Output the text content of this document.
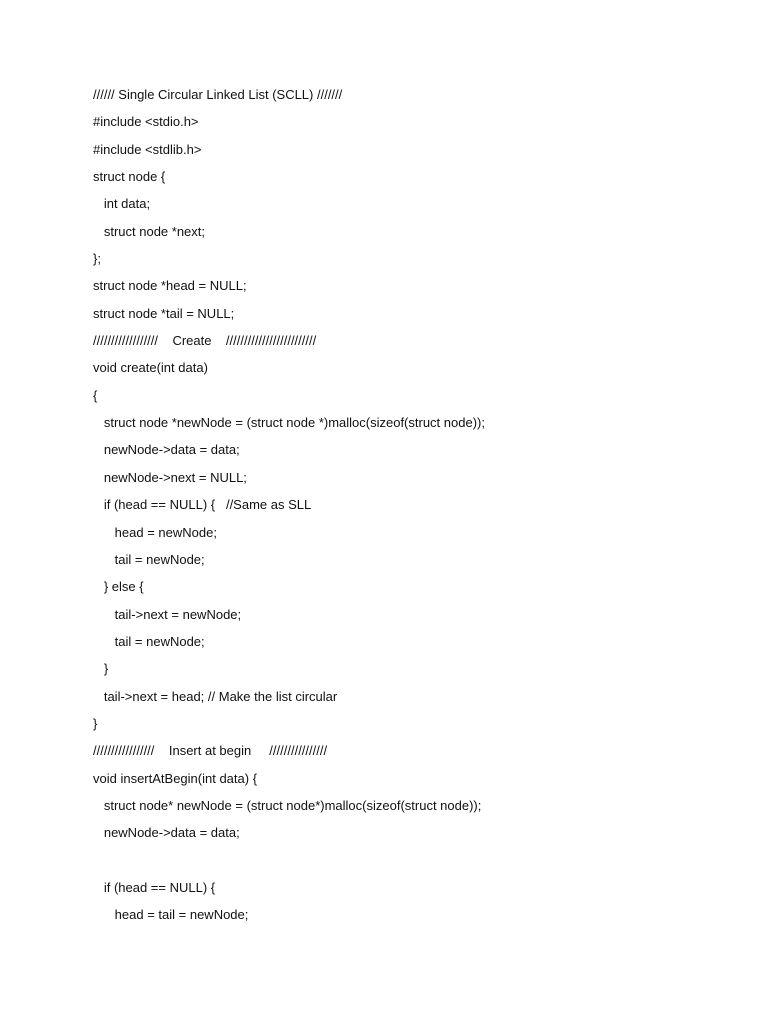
////// Single Circular Linked List (SCLL) ///////
#include <stdio.h>
#include <stdlib.h>
struct node {
int data;
struct node *next;
};
struct node *head = NULL;
struct node *tail = NULL;
//////////////////    Create    /////////////////////////
void create(int data)
{
struct node *newNode = (struct node *)malloc(sizeof(struct node));
newNode->data = data;
newNode->next = NULL;
if (head == NULL) {   //Same as SLL
head = newNode;
tail = newNode;
} else {
tail->next = newNode;
tail = newNode;
}
tail->next = head; // Make the list circular
}
/////////////////    Insert at begin     ////////////////
void insertAtBegin(int data) {
struct node* newNode = (struct node*)malloc(sizeof(struct node));
newNode->data = data;
if (head == NULL) {
head = tail = newNode;
